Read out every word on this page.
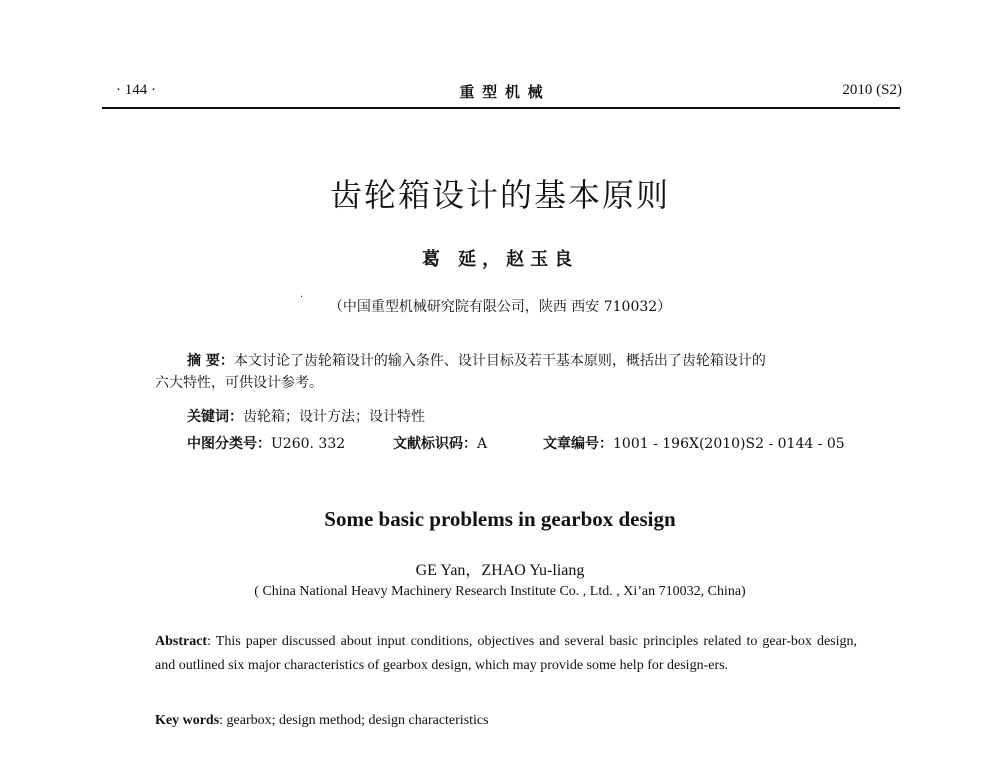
· 144 ·	重 型 机 械	2010 (S2)
齿轮箱设计的基本原则
葛 延，赵玉良
·
（中国重型机械研究院有限公司，陕西 西安 710032）
摘 要：本文讨论了齿轮箱设计的输入条件、设计目标及若干基本原则，概括出了齿轮箱设计的
六大特性，可供设计参考。
关键词：齿轮箱；设计方法；设计特性
中图分类号：U260. 332	文献标识码：A	文章编号：1001 - 196X(2010)S2 - 0144 - 05
Some basic problems in gearbox design
GE Yan，ZHAO Yu-liang
( China National Heavy Machinery Research Institute Co. , Ltd. , Xi’an 710032, China)
Abstract: This paper discussed about input conditions, objectives and several basic principles related to gear-box design, and outlined six major characteristics of gearbox design, which may provide some help for design-ers.
Key words: gearbox; design method; design characteristics
